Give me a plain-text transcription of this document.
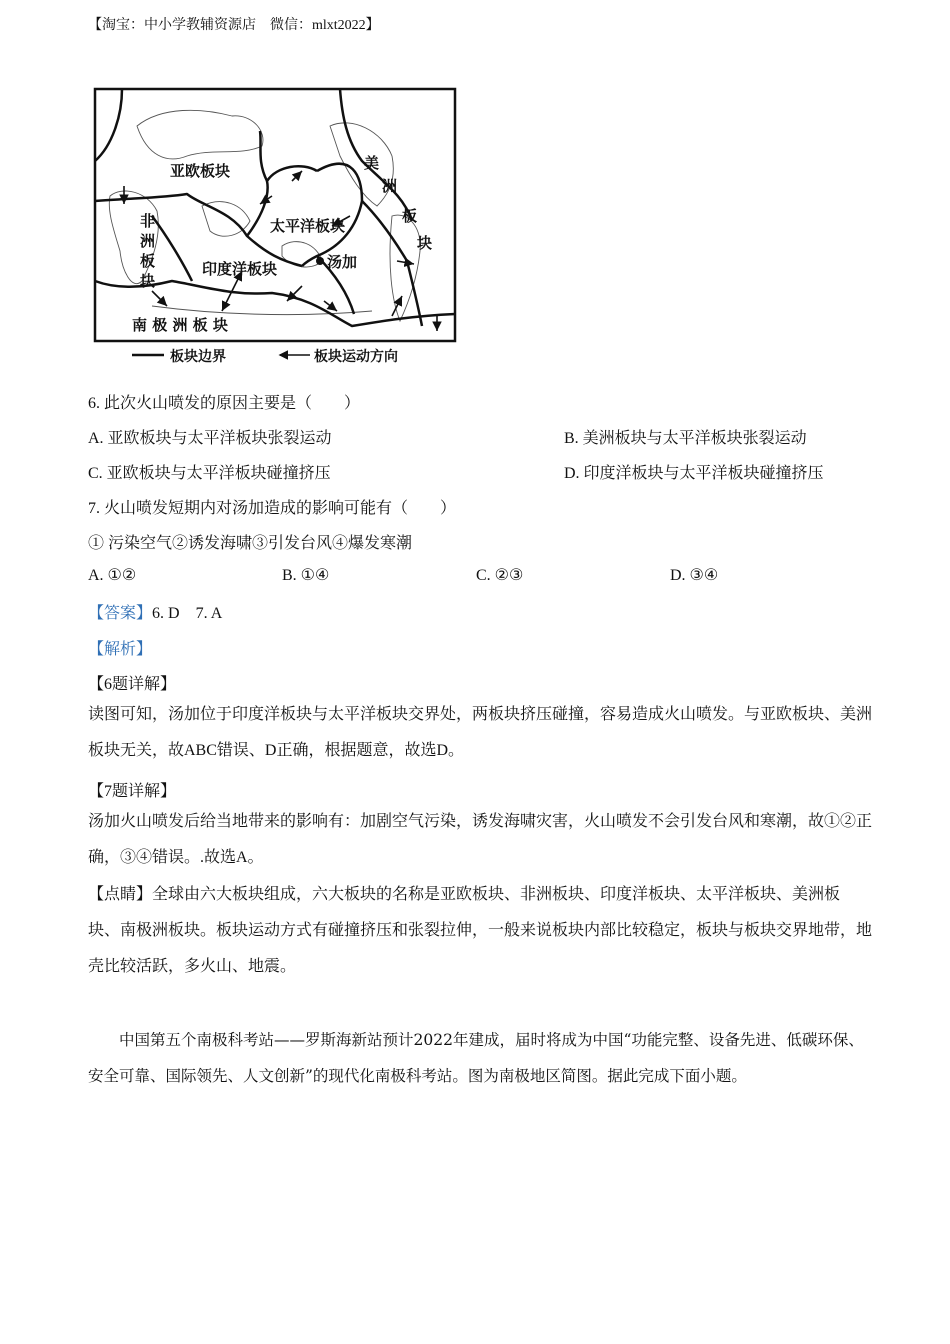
【淘宝：中小学教辅资源店　微信：mlxt2022】
亚欧板块
非
洲
板
块
太平洋板块
美
洲
板
块
印度洋板块	汤加
南 极 洲 板 块
板块边界	板块运动方向
6. 此次火山喷发的原因主要是（　　）
A. 亚欧板块与太平洋板块张裂运动	B. 美洲板块与太平洋板块张裂运动
C. 亚欧板块与太平洋板块碰撞挤压	D. 印度洋板块与太平洋板块碰撞挤压
7. 火山喷发短期内对汤加造成的影响可能有（　　）
① 污染空气②诱发海啸③引发台风④爆发寒潮
A. ①②	B. ①④	C. ②③	D. ③④
【答案】6. D　7. A
【解析】
【6题详解】
读图可知，汤加位于印度洋板块与太平洋板块交界处，两板块挤压碰撞，容易造成火山喷发。与亚欧板块、美洲板块无关，故ABC错误、D正确，根据题意，故选D。
【7题详解】
汤加火山喷发后给当地带来的影响有：加剧空气污染，诱发海啸灾害，火山喷发不会引发台风和寒潮，故①②正确，③④错误。.故选A。
【点睛】全球由六大板块组成，六大板块的名称是亚欧板块、非洲板块、印度洋板块、太平洋板块、美洲板块、南极洲板块。板块运动方式有碰撞挤压和张裂拉伸，一般来说板块内部比较稳定，板块与板块交界地带，地壳比较活跃，多火山、地震。
中国第五个南极科考站——罗斯海新站预计2022年建成，届时将成为中国“功能完整、设备先进、低碳环保、安全可靠、国际领先、人文创新”的现代化南极科考站。图为南极地区简图。据此完成下面小题。
